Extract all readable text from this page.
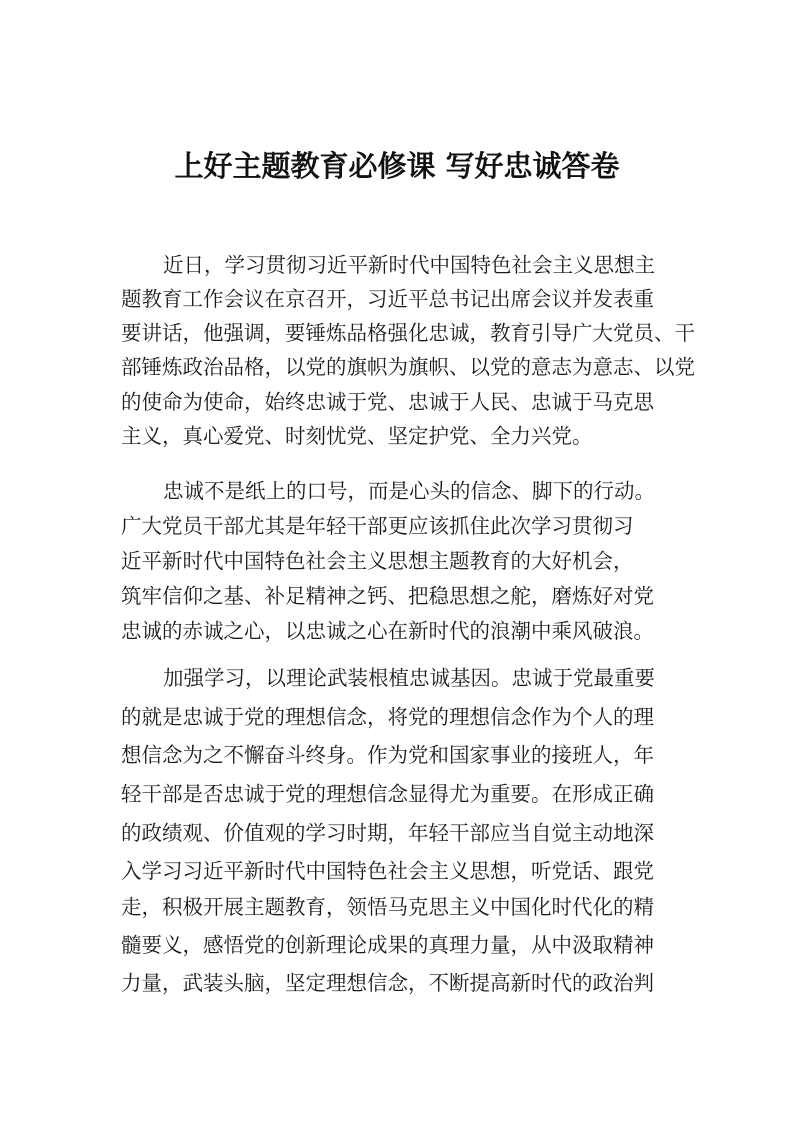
上好主题教育必修课 写好忠诚答卷
近日，学习贯彻习近平新时代中国特色社会主义思想主
题教育工作会议在京召开，习近平总书记出席会议并发表重
要讲话，他强调，要锤炼品格强化忠诚，教育引导广大党员、干
部锤炼政治品格，以党的旗帜为旗帜、以党的意志为意志、以党
的使命为使命，始终忠诚于党、忠诚于人民、忠诚于马克思
主义，真心爱党、时刻忧党、坚定护党、全力兴党。
忠诚不是纸上的口号，而是心头的信念、脚下的行动。
广大党员干部尤其是年轻干部更应该抓住此次学习贯彻习
近平新时代中国特色社会主义思想主题教育的大好机会，
筑牢信仰之基、补足精神之钙、把稳思想之舵，磨炼好对党
忠诚的赤诚之心，以忠诚之心在新时代的浪潮中乘风破浪。
加强学习，以理论武装根植忠诚基因。忠诚于党最重要
的就是忠诚于党的理想信念，将党的理想信念作为个人的理
想信念为之不懈奋斗终身。作为党和国家事业的接班人，年
轻干部是否忠诚于党的理想信念显得尤为重要。在形成正确
的政绩观、价值观的学习时期，年轻干部应当自觉主动地深
入学习习近平新时代中国特色社会主义思想，听党话、跟党
走，积极开展主题教育，领悟马克思主义中国化时代化的精
髓要义，感悟党的创新理论成果的真理力量，从中汲取精神
力量，武装头脑，坚定理想信念，不断提高新时代的政治判
